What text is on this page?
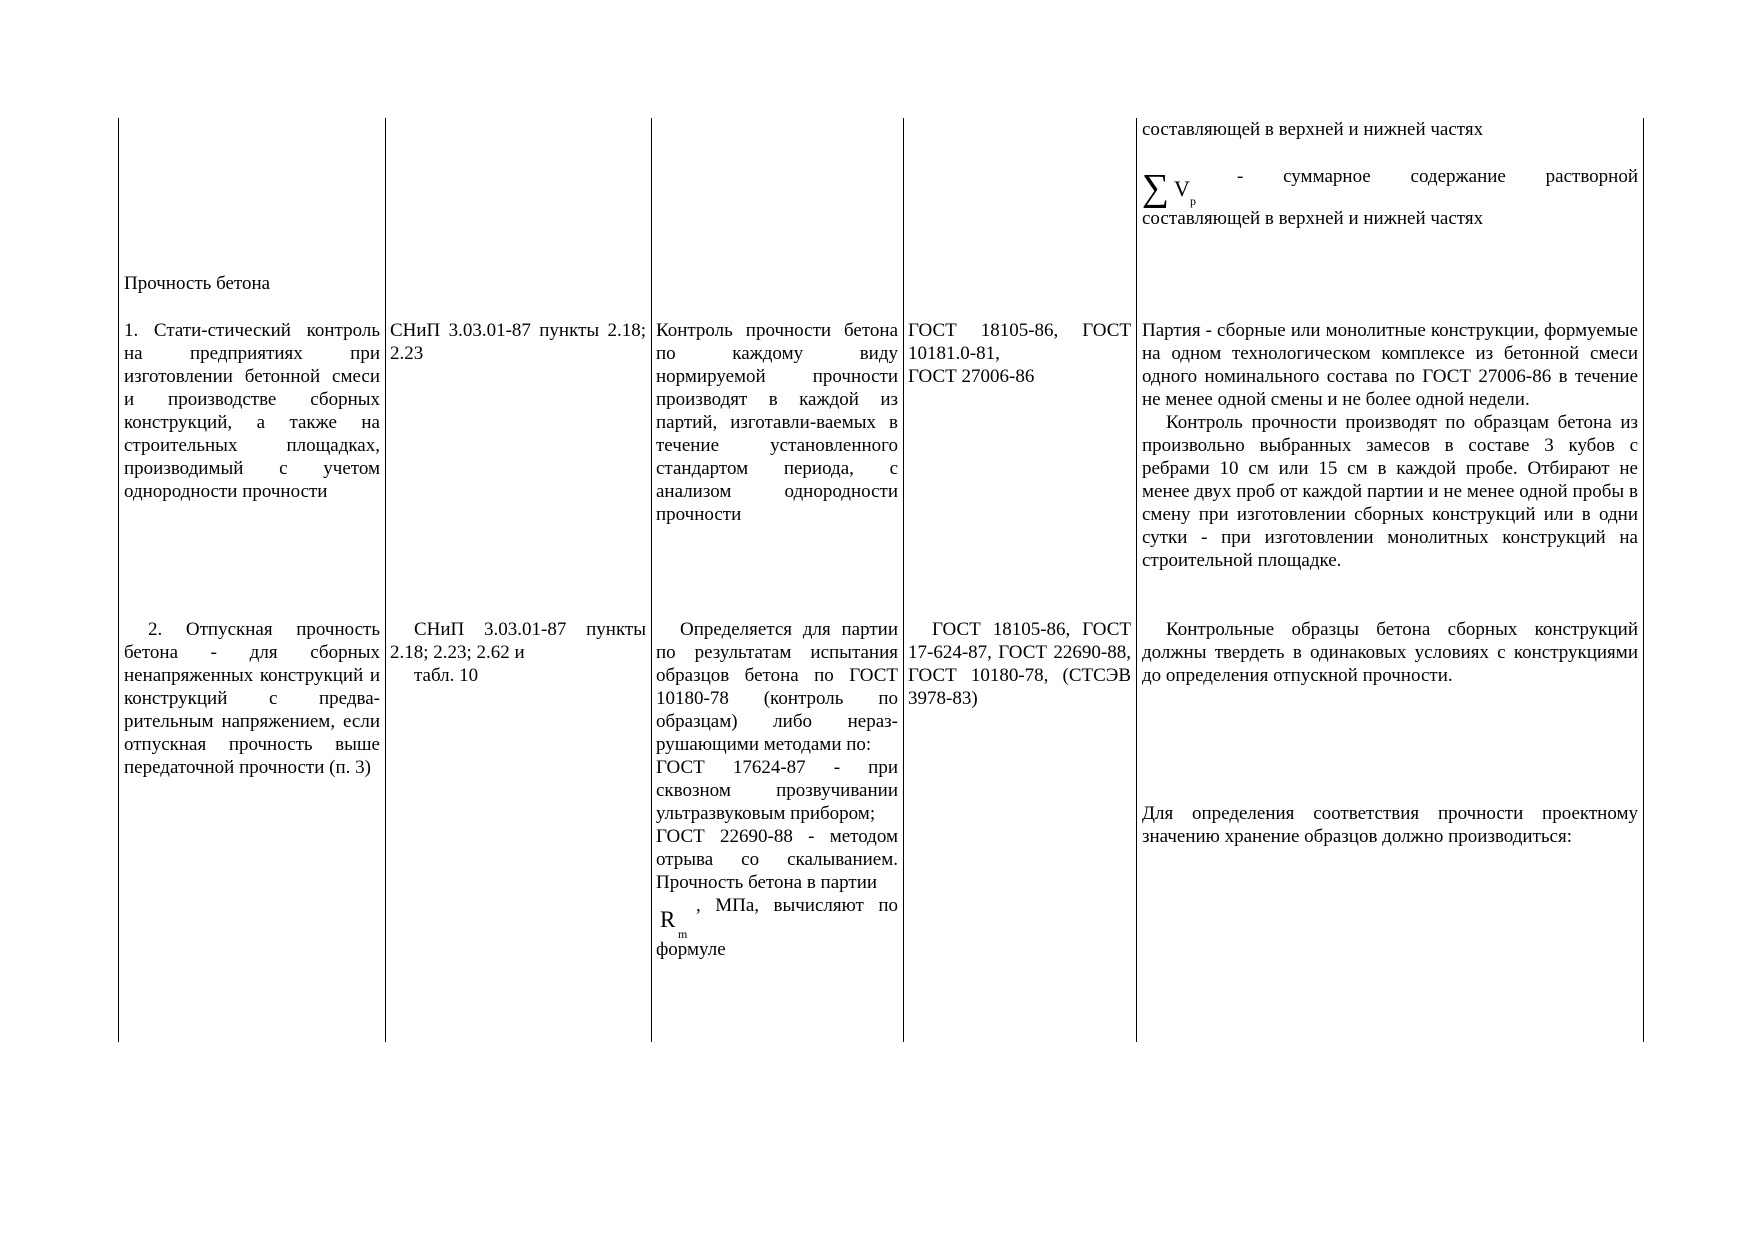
составляющей в верхней и нижней частях

∑ V р
- суммарное содержание растворной

составляющей в верхней и нижней частях

Прочность бетона

1. Стати-стический контроль на предприятиях при изготовлении бетонной смеси и производстве сборных конструкций, а также на строительных площадках, производимый с учетом однородности прочности

СНиП 3.03.01-87 пункты 2.18; 2.23

Контроль прочности бетона по каждому виду нормируемой прочности производят в каждой из партий, изготавли-ваемых в течение установленного стандартом периода, с анализом однородности прочности

ГОСТ 18105-86, ГОСТ 10181.0-81,

ГОСТ 27006-86

Партия - сборные или монолитные конструкции, формуемые на одном технологическом комплексе из бетонной смеси одного номинального состава по ГОСТ 27006-86 в течение не менее одной смены и не более одной недели.

Контроль прочности производят по образцам бетона из произвольно выбранных замесов в составе 3 кубов с ребрами 10 см или 15 см в каждой пробе. Отбирают не менее двух проб от каждой партии и не менее одной пробы в смену при изготовлении сборных конструкций или в одни сутки - при изготовлении монолитных конструкций на строительной площадке.

2. Отпускная прочность бетона - для сборных ненапряженных конструкций и конструкций с предва-рительным напряжением, если отпускная прочность выше передаточной прочности (п. 3)

СНиП 3.03.01-87 пункты 2.18; 2.23; 2.62 и

табл. 10

Определяется для партии по результатам испытания образцов бетона по ГОСТ 10180-78 (контроль по образцам) либо нераз-рушающими методами по:

ГОСТ 17624-87 - при сквозном прозвучивании ультразвуковым прибором;

ГОСТ 22690-88 - методом отрыва со скалыванием. Прочность бетона в партии

R
m
, МПа, вычисляют по

формуле

ГОСТ 18105-86, ГОСТ 17-624-87, ГОСТ 22690-88, ГОСТ 10180-78, (СТСЭВ 3978-83)

Контрольные образцы бетона сборных конструкций должны твердеть в одинаковых условиях с конструкциями до определения отпускной прочности.

Для определения соответствия прочности проектному значению хранение образцов должно производиться:
